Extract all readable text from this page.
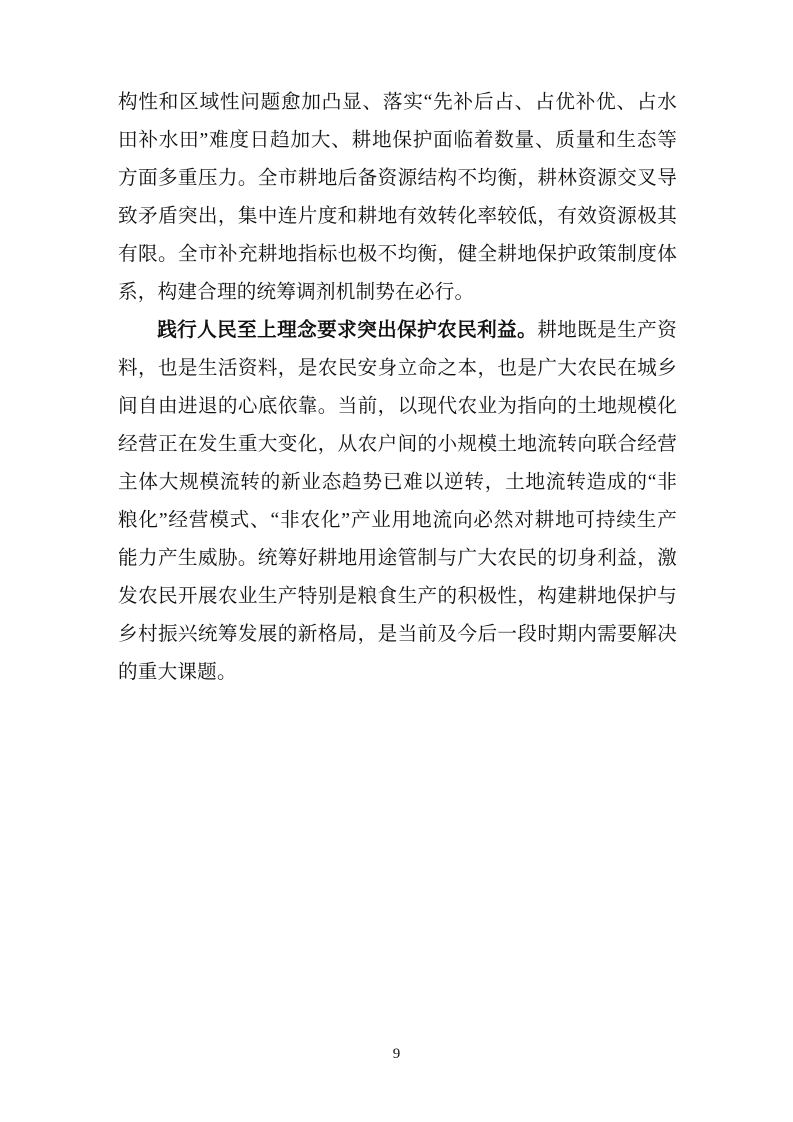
构性和区域性问题愈加凸显、落实“先补后占、占优补优、占水田补水田”难度日趋加大、耕地保护面临着数量、质量和生态等方面多重压力。全市耕地后备资源结构不均衡，耕林资源交叉导致矛盾突出，集中连片度和耕地有效转化率较低，有效资源极其有限。全市补充耕地指标也极不均衡，健全耕地保护政策制度体系，构建合理的统筹调剂机制势在必行。

践行人民至上理念要求突出保护农民利益。耕地既是生产资料，也是生活资料，是农民安身立命之本，也是广大农民在城乡间自由进退的心底依靠。当前，以现代农业为指向的土地规模化经营正在发生重大变化，从农户间的小规模土地流转向联合经营主体大规模流转的新业态趋势已难以逆转，土地流转造成的“非粮化”经营模式、“非农化”产业用地流向必然对耕地可持续生产能力产生威胁。统筹好耕地用途管制与广大农民的切身利益，激发农民开展农业生产特别是粮食生产的积极性，构建耕地保护与乡村振兴统筹发展的新格局，是当前及今后一段时期内需要解决的重大课题。

9
